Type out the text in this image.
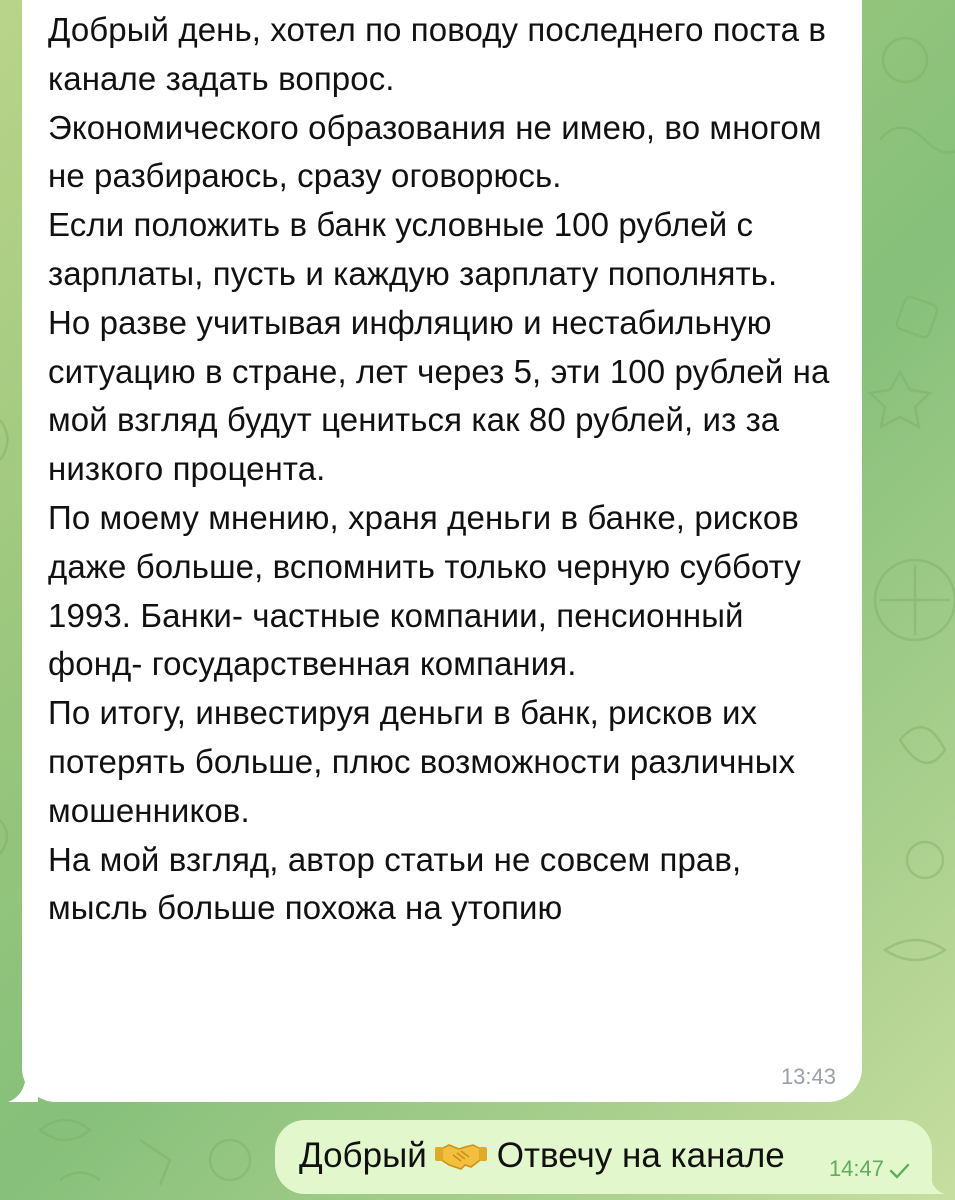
Добрый день, хотел по поводу последнего поста в канале задать вопрос.

Экономического образования не имею, во многом не разбираюсь, сразу оговорюсь.

Если положить в банк условные 100 рублей с зарплаты, пусть и каждую зарплату пополнять.

Но разве учитывая инфляцию и нестабильную ситуацию в стране, лет через 5, эти 100 рублей на мой взгляд будут цениться как 80 рублей, из за низкого процента.

По моему мнению, храня деньги в банке, рисков даже больше, вспомнить только черную субботу 1993. Банки- частные компании, пенсионный фонд- государственная компания.

По итогу, инвестируя деньги в банк, рисков их потерять больше, плюс возможности различных мошенников.

На мой взгляд, автор статьи не совсем прав, мысль больше похожа на утопию

13:43
Добрый Отвечу на канале 14:47
